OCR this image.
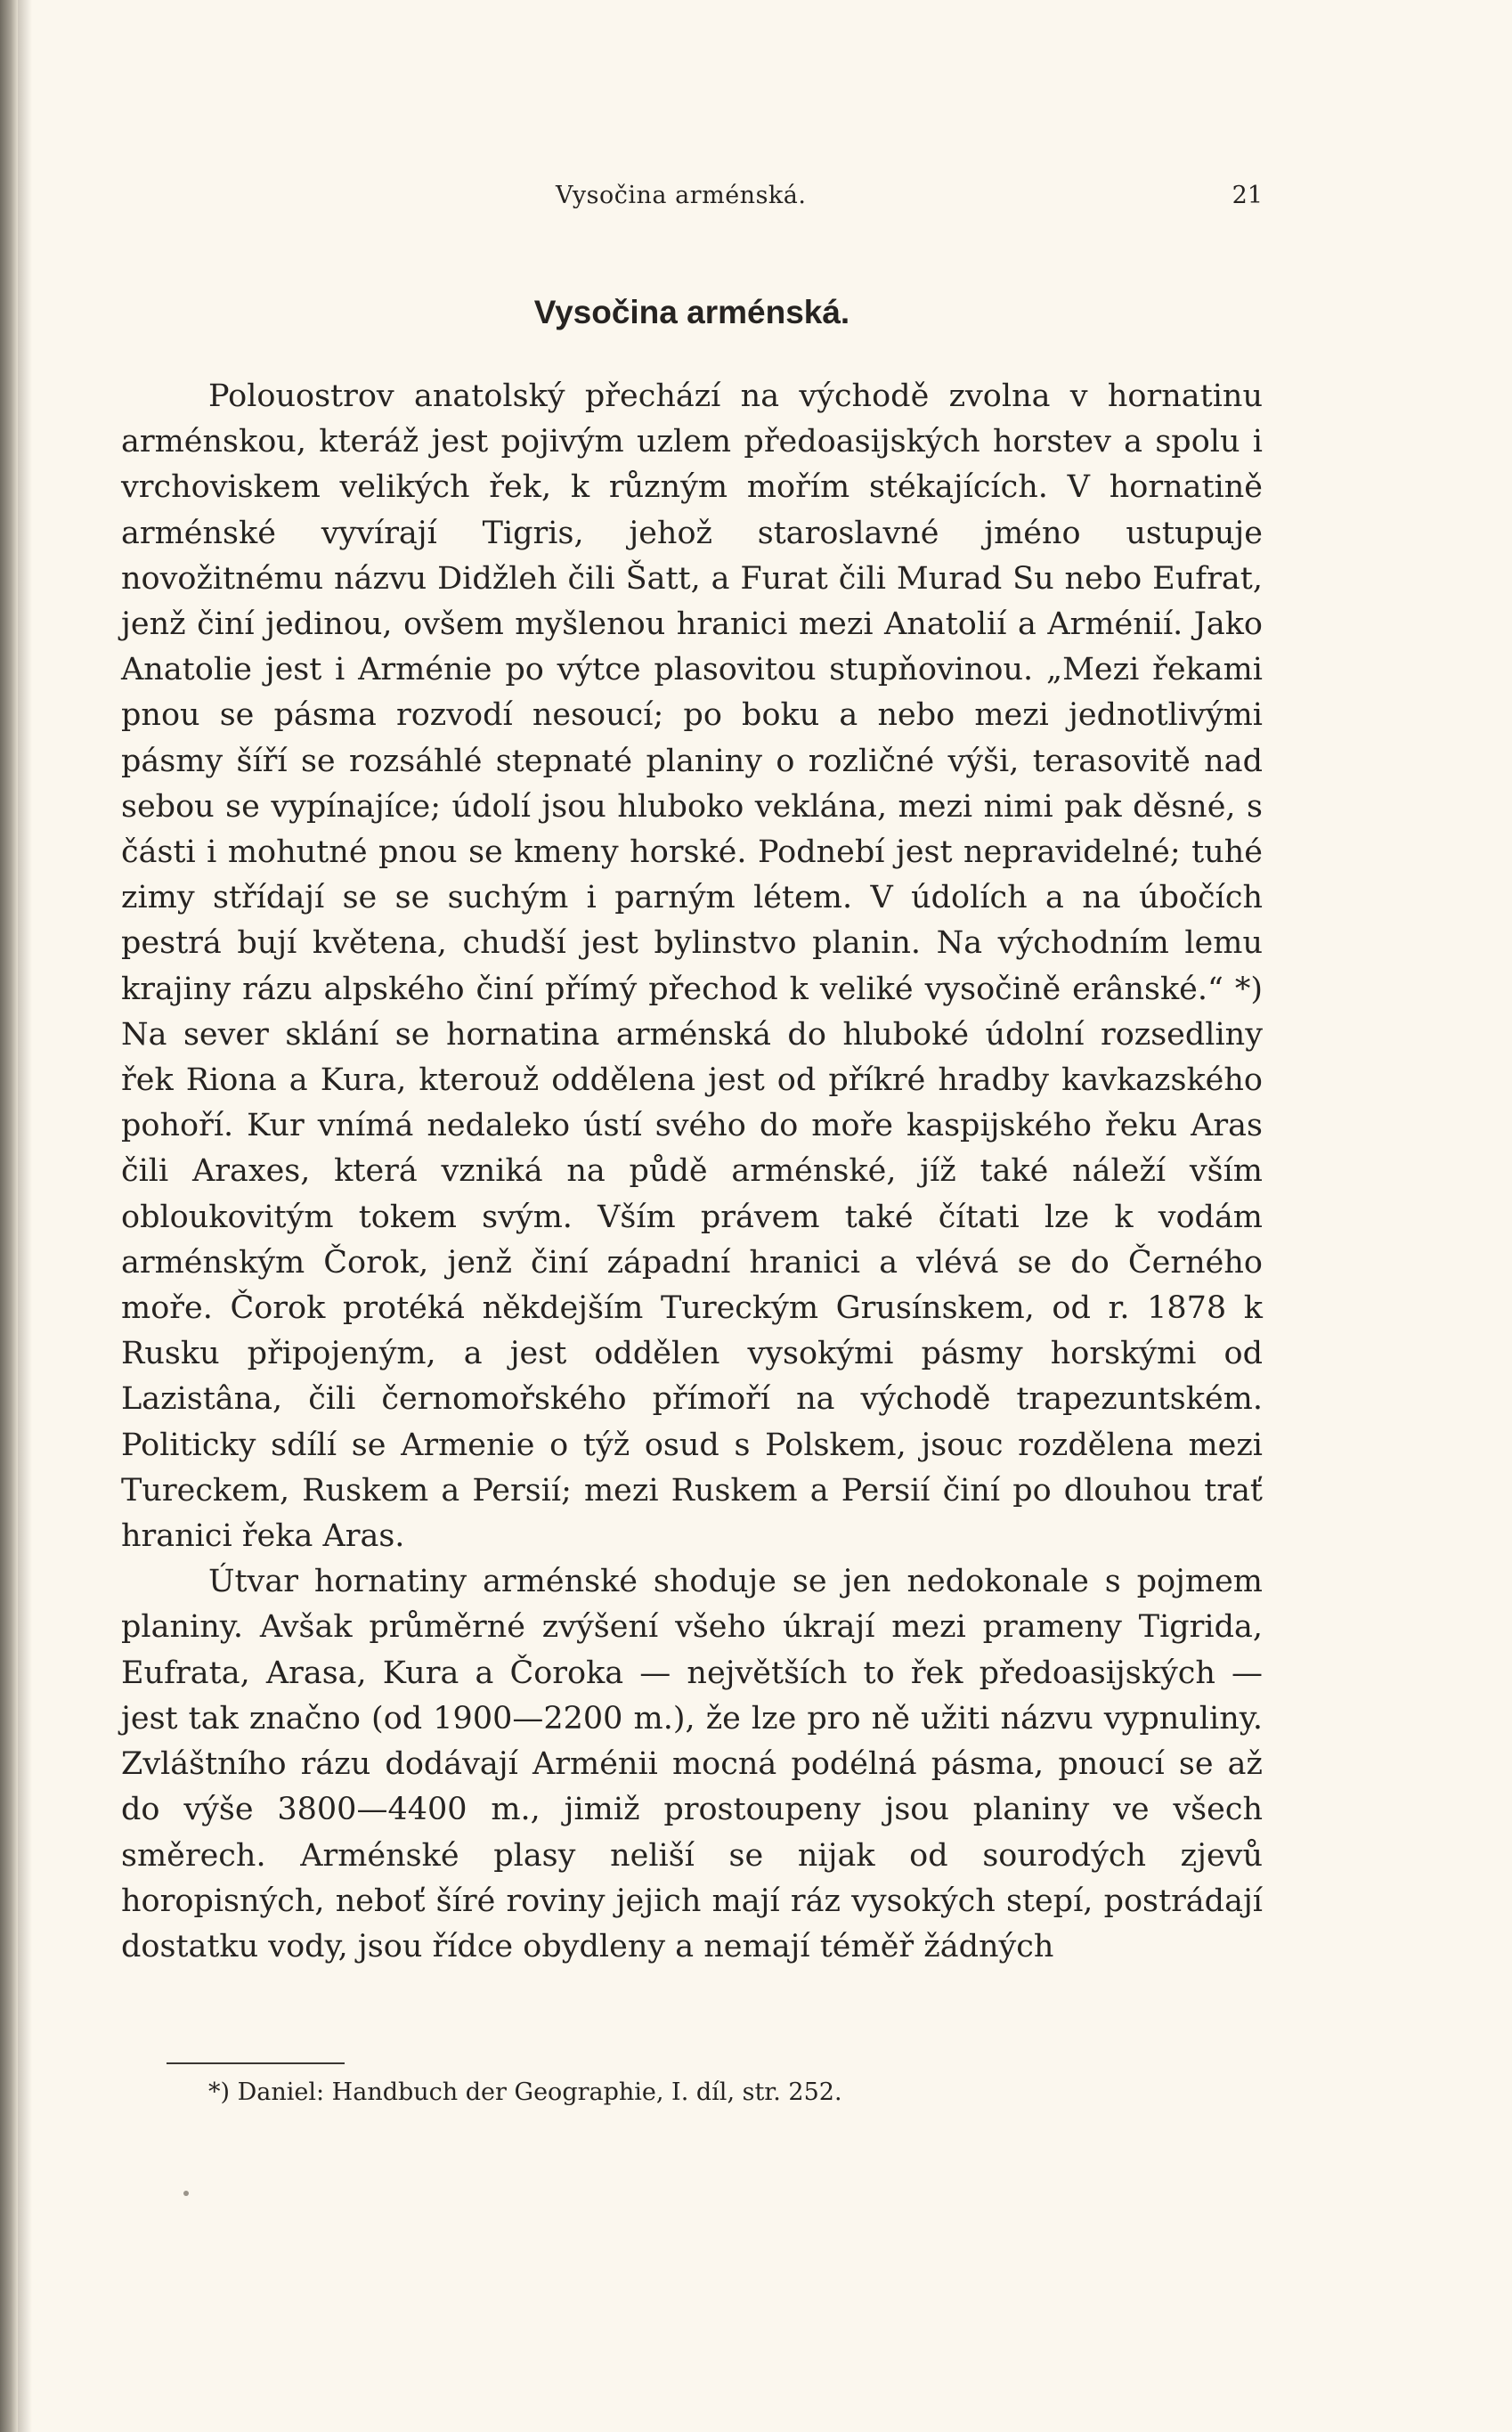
Vysočina arménská.	21
Vysočina arménská.

Polouostrov anatolský přechází na východě zvolna v hornatinu arménskou, kteráž jest pojivým uzlem předoasijských horstev a spolu i vrchoviskem velikých řek, k různým mořím stékajících. V hornatině arménské vyvírají Tigris, jehož staroslavné jméno ustupuje novožitnému názvu Didžleh čili Šatt, a Furat čili Murad Su nebo Eufrat, jenž činí jedinou, ovšem myšlenou hranici mezi Anatolií a Arménií. Jako Anatolie jest i Arménie po výtce plasovitou stupňovinou. „Mezi řekami pnou se pásma rozvodí nesoucí; po boku a nebo mezi jednotlivými pásmy šíří se rozsáhlé stepnaté planiny o rozličné výši, terasovitě nad sebou se vypínajíce; údolí jsou hluboko veklána, mezi nimi pak děsné, s části i mohutné pnou se kmeny horské. Podnebí jest nepravidelné; tuhé zimy střídají se se suchým i parným létem. V údolích a na úbočích pestrá bují květena, chudší jest bylinstvo planin. Na východním lemu krajiny rázu alpského činí přímý přechod k veliké vysočině erânské.“ *) Na sever sklání se hornatina arménská do hluboké údolní rozsedliny řek Riona a Kura, kterouž oddělena jest od příkré hradby kavkazského pohoří. Kur vnímá nedaleko ústí svého do moře kaspijského řeku Aras čili Araxes, která vzniká na půdě arménské, jíž také náleží vším obloukovitým tokem svým. Vším právem také čítati lze k vodám arménským Čorok, jenž činí západní hranici a vlévá se do Černého moře. Čorok protéká někdejším Tureckým Grusínskem, od r. 1878 k Rusku připojeným, a jest oddělen vysokými pásmy horskými od Lazistâna, čili černomořského přímoří na východě trapezuntském. Politicky sdílí se Armenie o týž osud s Polskem, jsouc rozdělena mezi Tureckem, Ruskem a Persií; mezi Ruskem a Persií činí po dlouhou trať hranici řeka Aras.

Útvar hornatiny arménské shoduje se jen nedokonale s pojmem planiny. Avšak průměrné zvýšení všeho úkrají mezi prameny Tigrida, Eufrata, Arasa, Kura a Čoroka — největších to řek předoasijských — jest tak značno (od 1900—2200 m.), že lze pro ně užiti názvu vypnuliny. Zvláštního rázu dodávají Arménii mocná podélná pásma, pnoucí se až do výše 3800—4400 m., jimiž prostoupeny jsou planiny ve všech směrech. Arménské plasy neliší se nijak od sourodých zjevů horopisných, neboť šíré roviny jejich mají ráz vysokých stepí, postrádají dostatku vody, jsou řídce obydleny a nemají téměř žádných

*) Daniel: Handbuch der Geographie, I. díl, str. 252.
